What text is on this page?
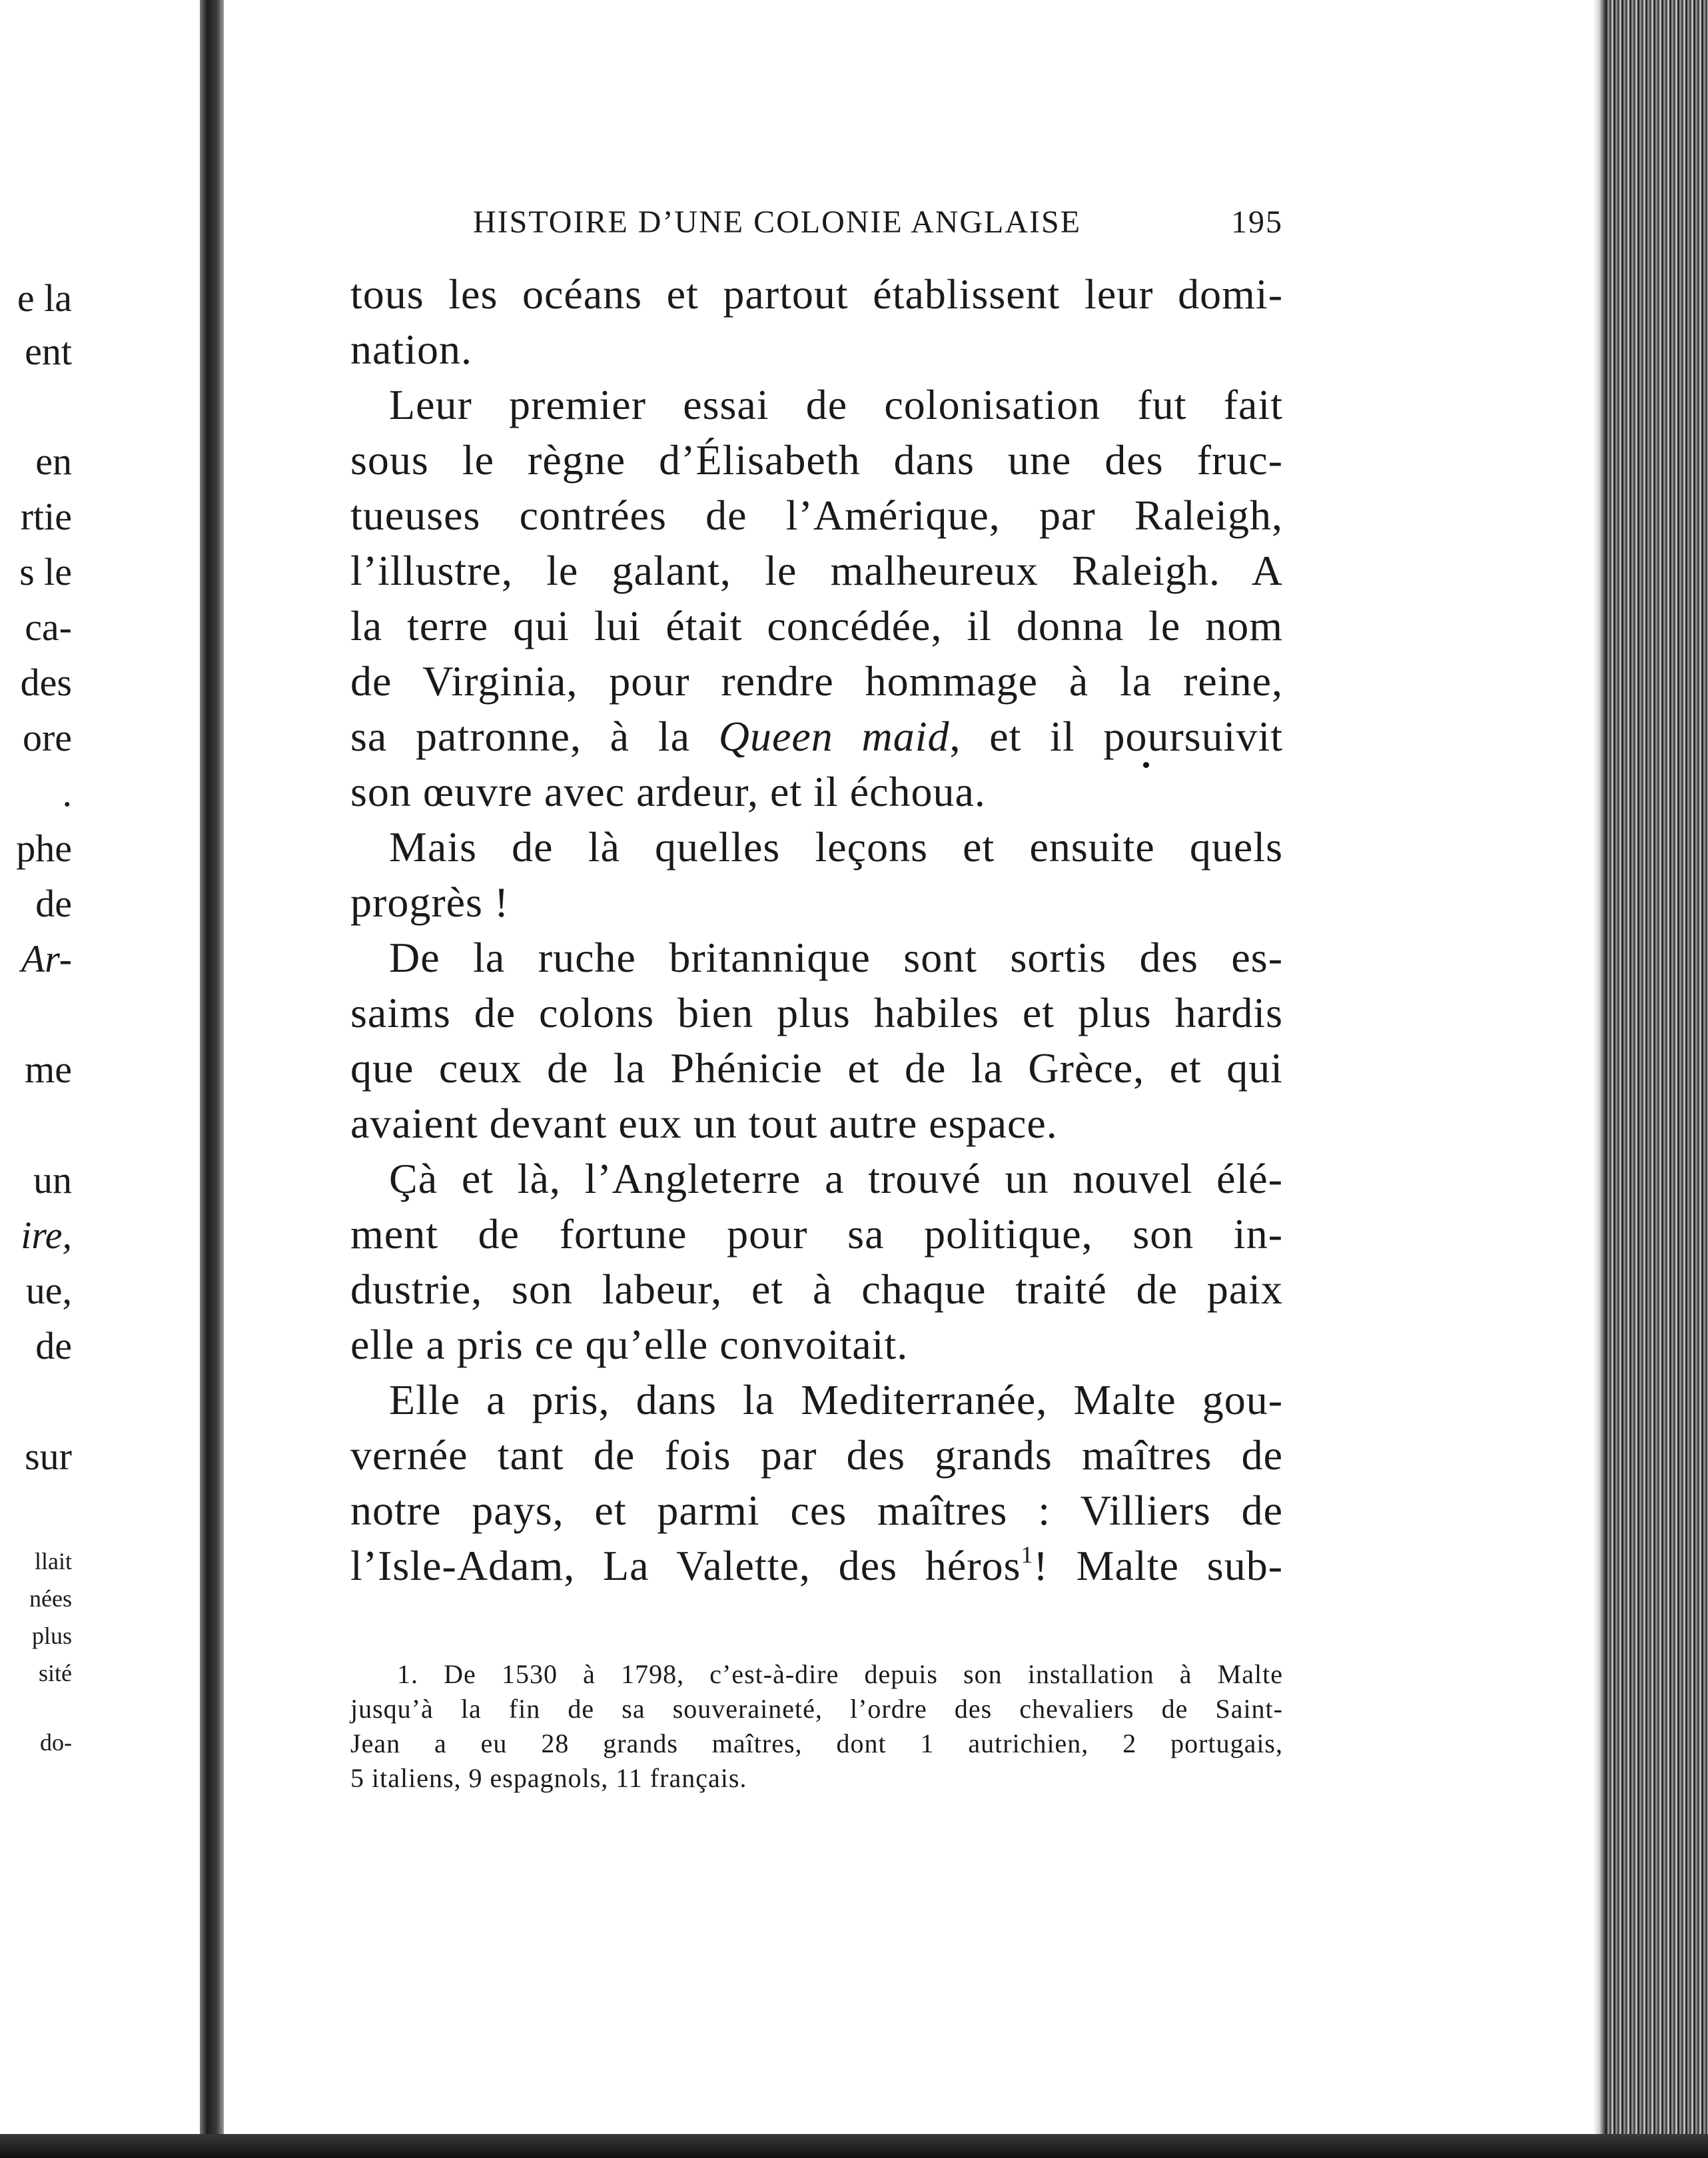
e la
ent
en
rtie
s le
ca-
des
ore
.
phe
de
Ar-
me
un
ire,
ue,
de
sur
llait
nées
plus
sité
do-
HISTOIRE D’UNE COLONIE ANGLAISE	195
tous les océans et partout établissent leur domi-
nation.
Leur premier essai de colonisation fut fait
sous le règne d’Élisabeth dans une des fruc-
tueuses contrées de l’Amérique, par Raleigh,
l’illustre, le galant, le malheureux Raleigh. A
la terre qui lui était concédée, il donna le nom
de Virginia, pour rendre hommage à la reine,
sa patronne, à la Queen maid, et il poursuivit
son œuvre avec ardeur, et il échoua.
Mais de là quelles leçons et ensuite quels
progrès !
De la ruche britannique sont sortis des es-
saims de colons bien plus habiles et plus hardis
que ceux de la Phénicie et de la Grèce, et qui
avaient devant eux un tout autre espace.
Çà et là, l’Angleterre a trouvé un nouvel élé-
ment de fortune pour sa politique, son in-
dustrie, son labeur, et à chaque traité de paix
elle a pris ce qu’elle convoitait.
Elle a pris, dans la Mediterranée, Malte gou-
vernée tant de fois par des grands maîtres de
notre pays, et parmi ces maîtres : Villiers de
l’Isle-Adam, La Valette, des héros$^1$! Malte sub-
1. De 1530 à 1798, c’est-à-dire depuis son installation à Malte
jusqu’à la fin de sa souveraineté, l’ordre des chevaliers de Saint-
Jean a eu 28 grands maîtres, dont 1 autrichien, 2 portugais,
5 italiens, 9 espagnols, 11 français.
